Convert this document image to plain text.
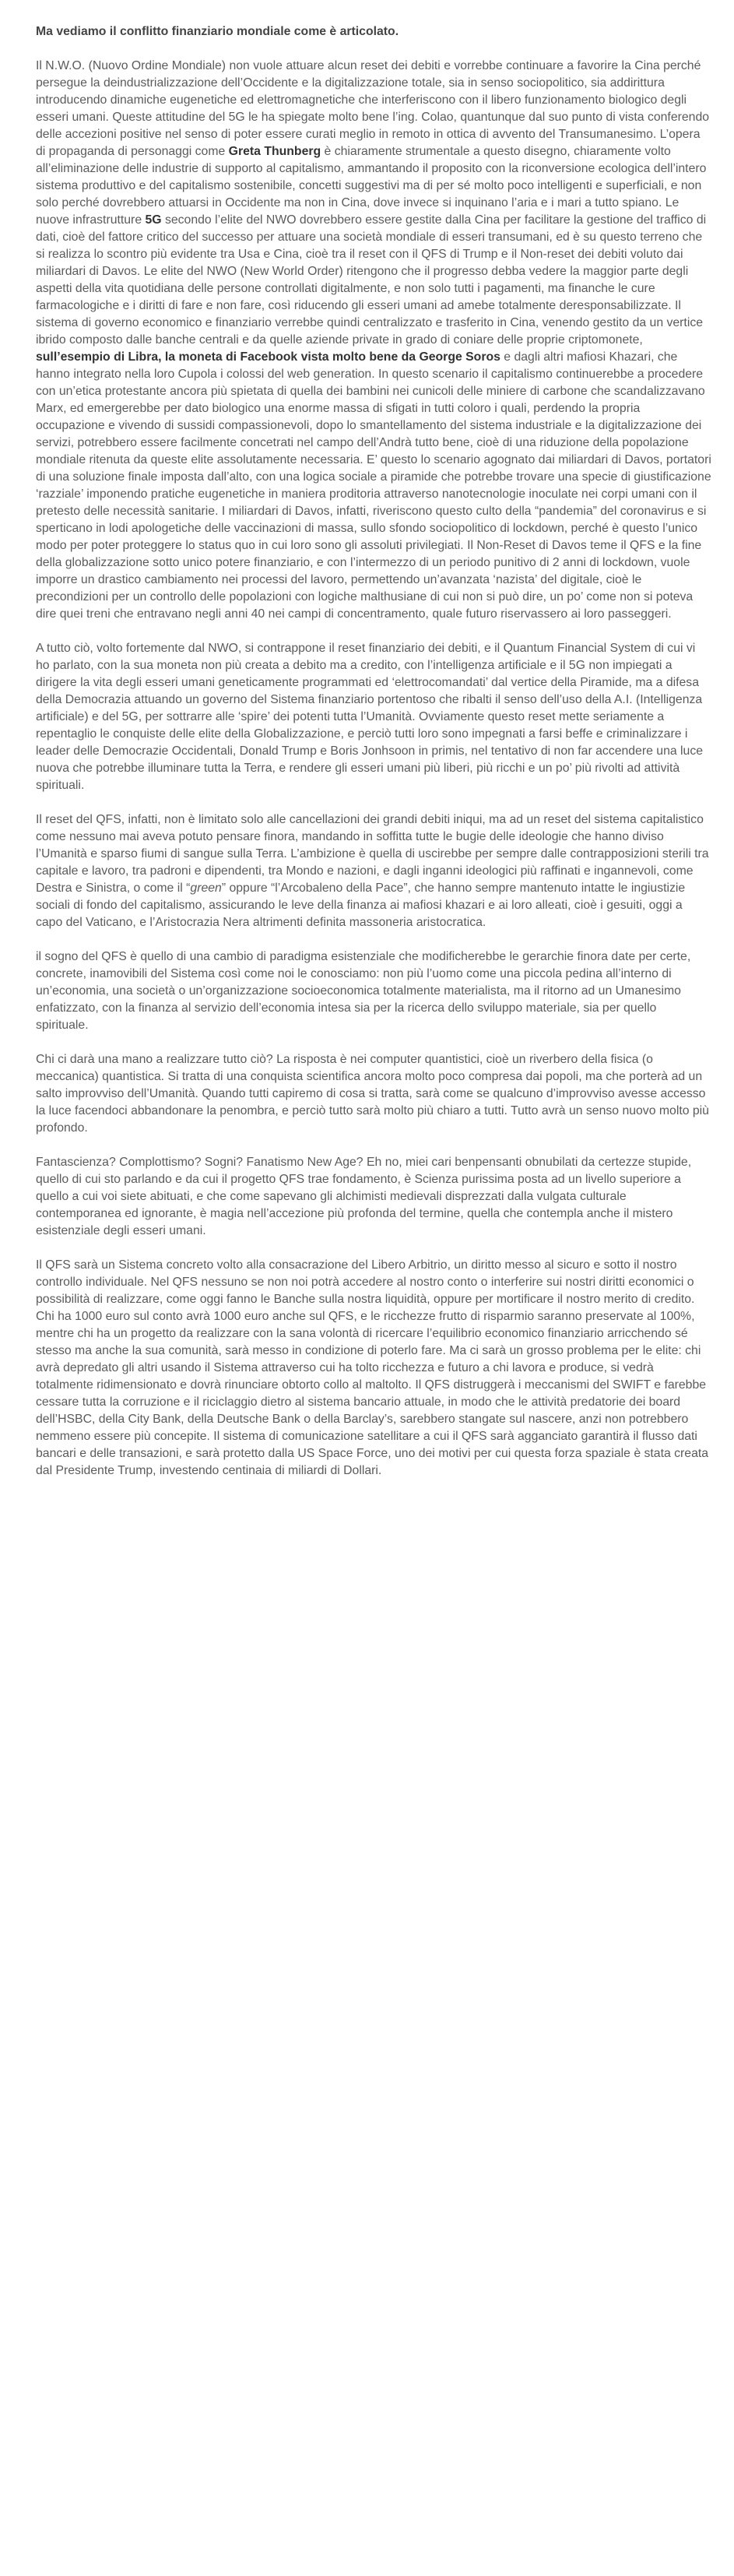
Ma vediamo il conflitto finanziario mondiale come è articolato.

Il N.W.O. (Nuovo Ordine Mondiale) non vuole attuare alcun reset dei debiti e vorrebbe continuare a favorire la Cina perché persegue la deindustrializzazione dell’Occidente e la digitalizzazione totale, sia in senso sociopolitico, sia addirittura introducendo dinamiche eugenetiche ed elettromagnetiche che interferiscono con il libero funzionamento biologico degli esseri umani. Queste attitudine del 5G le ha spiegate molto bene l’ing. Colao, quantunque dal suo punto di vista conferendo delle accezioni positive nel senso di poter essere curati meglio in remoto in ottica di avvento del Transumanesimo. L’opera di propaganda di personaggi come Greta Thunberg è chiaramente strumentale a questo disegno, chiaramente volto all’eliminazione delle industrie di supporto al capitalismo, ammantando il proposito con la riconversione ecologica dell’intero sistema produttivo e del capitalismo sostenibile, concetti suggestivi ma di per sé molto poco intelligenti e superficiali, e non solo perché dovrebbero attuarsi in Occidente ma non in Cina, dove invece si inquinano l’aria e i mari a tutto spiano. Le nuove infrastrutture 5G secondo l’elite del NWO dovrebbero essere gestite dalla Cina per facilitare la gestione del traffico di dati, cioè del fattore critico del successo per attuare una società mondiale di esseri transumani, ed è su questo terreno che si realizza lo scontro più evidente tra Usa e Cina, cioè tra il reset con il QFS di Trump e il Non-reset dei debiti voluto dai miliardari di Davos. Le elite del NWO (New World Order) ritengono che il progresso debba vedere la maggior parte degli aspetti della vita quotidiana delle persone controllati digitalmente, e non solo tutti i pagamenti, ma finanche le cure farmacologiche e i diritti di fare e non fare, così riducendo gli esseri umani ad amebe totalmente deresponsabilizzate. Il sistema di governo economico e finanziario verrebbe quindi centralizzato e trasferito in Cina, venendo gestito da un vertice ibrido composto dalle banche centrali e da quelle aziende private in grado di coniare delle proprie criptomonete, sull’esempio di Libra, la moneta di Facebook vista molto bene da George Soros e dagli altri mafiosi Khazari, che hanno integrato nella loro Cupola i colossi del web generation. In questo scenario il capitalismo continuerebbe a procedere con un’etica protestante ancora più spietata di quella dei bambini nei cunicoli delle miniere di carbone che scandalizzavano Marx, ed emergerebbe per dato biologico una enorme massa di sfigati in tutti coloro i quali, perdendo la propria occupazione e vivendo di sussidi compassionevoli, dopo lo smantellamento del sistema industriale e la digitalizzazione dei servizi, potrebbero essere facilmente concetrati nel campo dell’Andrà tutto bene, cioè di una riduzione della popolazione mondiale ritenuta da queste elite assolutamente necessaria. E’ questo lo scenario agognato dai miliardari di Davos, portatori di una soluzione finale imposta dall’alto, con una logica sociale a piramide che potrebbe trovare una specie di giustificazione ‘razziale’ imponendo pratiche eugenetiche in maniera proditoria attraverso nanotecnologie inoculate nei corpi umani con il pretesto delle necessità sanitarie. I miliardari di Davos, infatti, riveriscono questo culto della “pandemia” del coronavirus e si sperticano in lodi apologetiche delle vaccinazioni di massa, sullo sfondo sociopolitico di lockdown, perché è questo l’unico modo per poter proteggere lo status quo in cui loro sono gli assoluti privilegiati. Il Non-Reset di Davos teme il QFS e la fine della globalizzazione sotto unico potere finanziario, e con l’intermezzo di un periodo punitivo di 2 anni di lockdown, vuole imporre un drastico cambiamento nei processi del lavoro, permettendo un’avanzata ‘nazista’ del digitale, cioè le precondizioni per un controllo delle popolazioni con logiche malthusiane di cui non si può dire, un po’ come non si poteva dire quei treni che entravano negli anni 40 nei campi di concentramento, quale futuro riservassero ai loro passeggeri.

A tutto ciò, volto fortemente dal NWO, si contrappone il reset finanziario dei debiti, e il Quantum Financial System di cui vi ho parlato, con la sua moneta non più creata a debito ma a credito, con l’intelligenza artificiale e il 5G non impiegati a dirigere la vita degli esseri umani geneticamente programmati ed ‘elettrocomandati’ dal vertice della Piramide, ma a difesa della Democrazia attuando un governo del Sistema finanziario portentoso che ribalti il senso dell’uso della A.I. (Intelligenza artificiale) e del 5G, per sottrarre alle ‘spire’ dei potenti tutta l’Umanità. Ovviamente questo reset mette seriamente a repentaglio le conquiste delle elite della Globalizzazione, e perciò tutti loro sono impegnati a farsi beffe e criminalizzare i leader delle Democrazie Occidentali, Donald Trump e Boris Jonhsoon in primis, nel tentativo di non far accendere una luce nuova che potrebbe illuminare tutta la Terra, e rendere gli esseri umani più liberi, più ricchi e un po’ più rivolti ad attività spirituali.

Il reset del QFS, infatti, non è limitato solo alle cancellazioni dei grandi debiti iniqui, ma ad un reset del sistema capitalistico come nessuno mai aveva potuto pensare finora, mandando in soffitta tutte le bugie delle ideologie che hanno diviso l’Umanità e sparso fiumi di sangue sulla Terra. L’ambizione è quella di uscirebbe per sempre dalle contrapposizioni sterili tra capitale e lavoro, tra padroni e dipendenti, tra Mondo e nazioni, e dagli inganni ideologici più raffinati e ingannevoli, come Destra e Sinistra, o come il “green” oppure “l’Arcobaleno della Pace”, che hanno sempre mantenuto intatte le ingiustizie sociali di fondo del capitalismo, assicurando le leve della finanza ai mafiosi khazari e ai loro alleati, cioè i gesuiti, oggi a capo del Vaticano, e l’Aristocrazia Nera altrimenti definita massoneria aristocratica.

il sogno del QFS è quello di una cambio di paradigma esistenziale che modificherebbe le gerarchie finora date per certe, concrete, inamovibili del Sistema così come noi le conosciamo: non più l’uomo come una piccola pedina all’interno di un’economia, una società o un’organizzazione socioeconomica totalmente materialista, ma il ritorno ad un Umanesimo enfatizzato, con la finanza al servizio dell’economia intesa sia per la ricerca dello sviluppo materiale, sia per quello spirituale.

Chi ci darà una mano a realizzare tutto ciò? La risposta è nei computer quantistici, cioè un riverbero della fisica (o meccanica) quantistica. Si tratta di una conquista scientifica ancora molto poco compresa dai popoli, ma che porterà ad un salto improvviso dell’Umanità. Quando tutti capiremo di cosa si tratta, sarà come se qualcuno d’improvviso avesse accesso la luce facendoci abbandonare la penombra, e perciò tutto sarà molto più chiaro a tutti. Tutto avrà un senso nuovo molto più profondo.

Fantascienza? Complottismo? Sogni? Fanatismo New Age? Eh no, miei cari benpensanti obnubilati da certezze stupide, quello di cui sto parlando e da cui il progetto QFS trae fondamento, è Scienza purissima posta ad un livello superiore a quello a cui voi siete abituati, e che come sapevano gli alchimisti medievali disprezzati dalla vulgata culturale contemporanea ed ignorante, è magia nell’accezione più profonda del termine, quella che contempla anche il mistero esistenziale degli esseri umani.

Il QFS sarà un Sistema concreto volto alla consacrazione del Libero Arbitrio, un diritto messo al sicuro e sotto il nostro controllo individuale. Nel QFS nessuno se non noi potrà accedere al nostro conto o interferire sui nostri diritti economici o possibilità di realizzare, come oggi fanno le Banche sulla nostra liquidità, oppure per mortificare il nostro merito di credito. Chi ha 1000 euro sul conto avrà 1000 euro anche sul QFS, e le ricchezze frutto di risparmio saranno preservate al 100%, mentre chi ha un progetto da realizzare con la sana volontà di ricercare l’equilibrio economico finanziario arricchendo sé stesso ma anche la sua comunità, sarà messo in condizione di poterlo fare. Ma ci sarà un grosso problema per le elite: chi avrà depredato gli altri usando il Sistema attraverso cui ha tolto ricchezza e futuro a chi lavora e produce, si vedrà totalmente ridimensionato e dovrà rinunciare obtorto collo al maltolto. Il QFS distruggerà i meccanismi del SWIFT e farebbe cessare tutta la corruzione e il riciclaggio dietro al sistema bancario attuale, in modo che le attività predatorie dei board dell’HSBC, della City Bank, della Deutsche Bank o della Barclay’s, sarebbero stangate sul nascere, anzi non potrebbero nemmeno essere più concepite. Il sistema di comunicazione satellitare a cui il QFS sarà agganciato garantirà il flusso dati bancari e delle transazioni, e sarà protetto dalla US Space Force, uno dei motivi per cui questa forza spaziale è stata creata dal Presidente Trump, investendo centinaia di miliardi di Dollari.
